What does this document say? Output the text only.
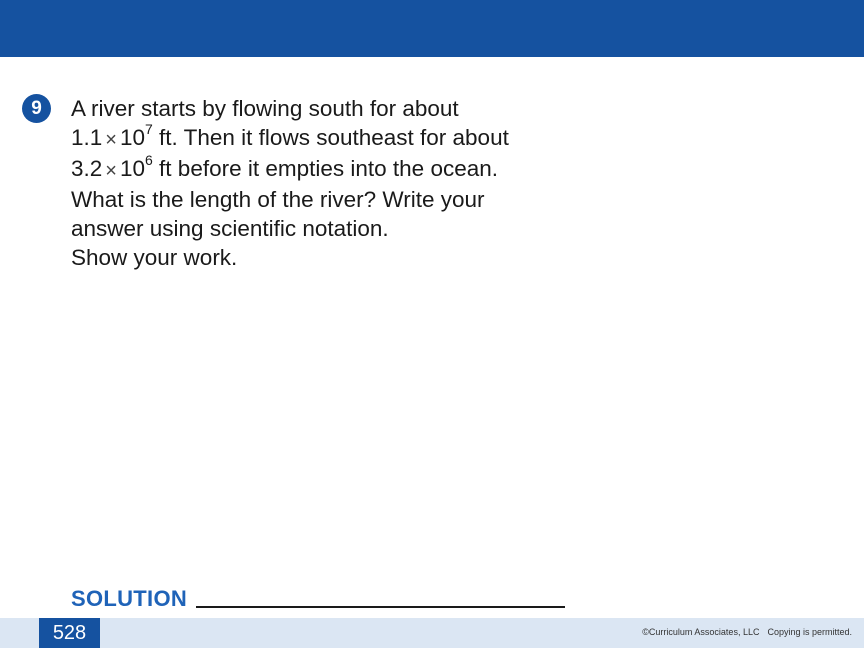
9 A river starts by flowing south for about
$1.1 \times 10^7$ ft. Then it flows southeast for about
$3.2 \times 10^6$ ft before it empties into the ocean.
What is the length of the river? Write your
answer using scientific notation.
Show your work.
SOLUTION
528	©Curriculum Associates, LLC Copying is permitted.
